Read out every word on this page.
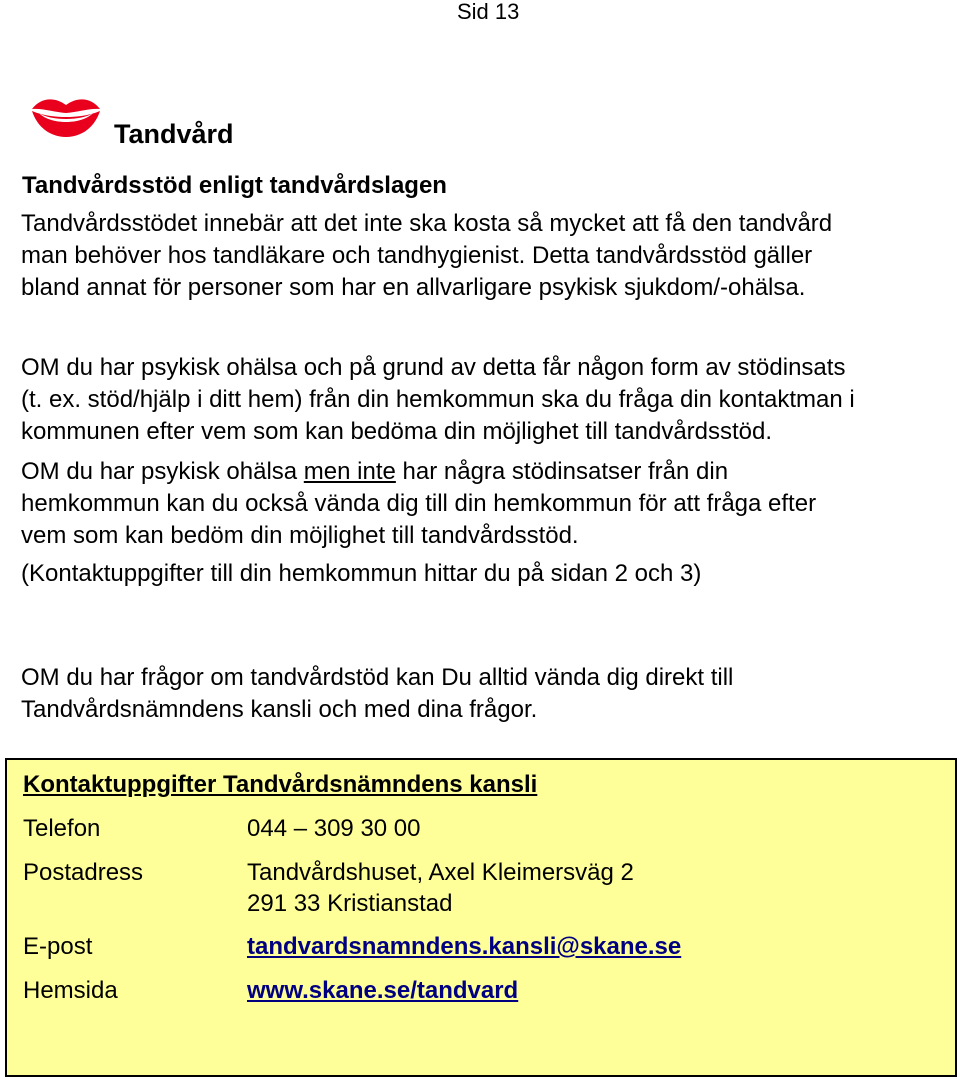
Sid 13
Tandvård
Tandvårdsstöd enligt tandvårdslagen
Tandvårdsstödet innebär att det inte ska kosta så mycket att få den tandvård
man behöver hos tandläkare och tandhygienist. Detta tandvårdsstöd gäller
bland annat för personer som har en allvarligare psykisk sjukdom/-ohälsa.
OM du har psykisk ohälsa och på grund av detta får någon form av stödinsats
(t. ex. stöd/hjälp i ditt hem) från din hemkommun ska du fråga din kontaktman i
kommunen efter vem som kan bedöma din möjlighet till tandvårdsstöd.
OM du har psykisk ohälsa men inte har några stödinsatser från din
hemkommun kan du också vända dig till din hemkommun för att fråga efter
vem som kan bedöm din möjlighet till tandvårdsstöd.
(Kontaktuppgifter till din hemkommun hittar du på sidan 2 och 3)
OM du har frågor om tandvårdstöd kan Du alltid vända dig direkt till
Tandvårdsnämndens kansli och med dina frågor.
Kontaktuppgifter Tandvårdsnämndens kansli
Telefon	044 – 309 30 00
Postadress	Tandvårdshuset, Axel Kleimersväg 2
291 33 Kristianstad
E-post	tandvardsnamndens.kansli@skane.se
Hemsida	www.skane.se/tandvard
